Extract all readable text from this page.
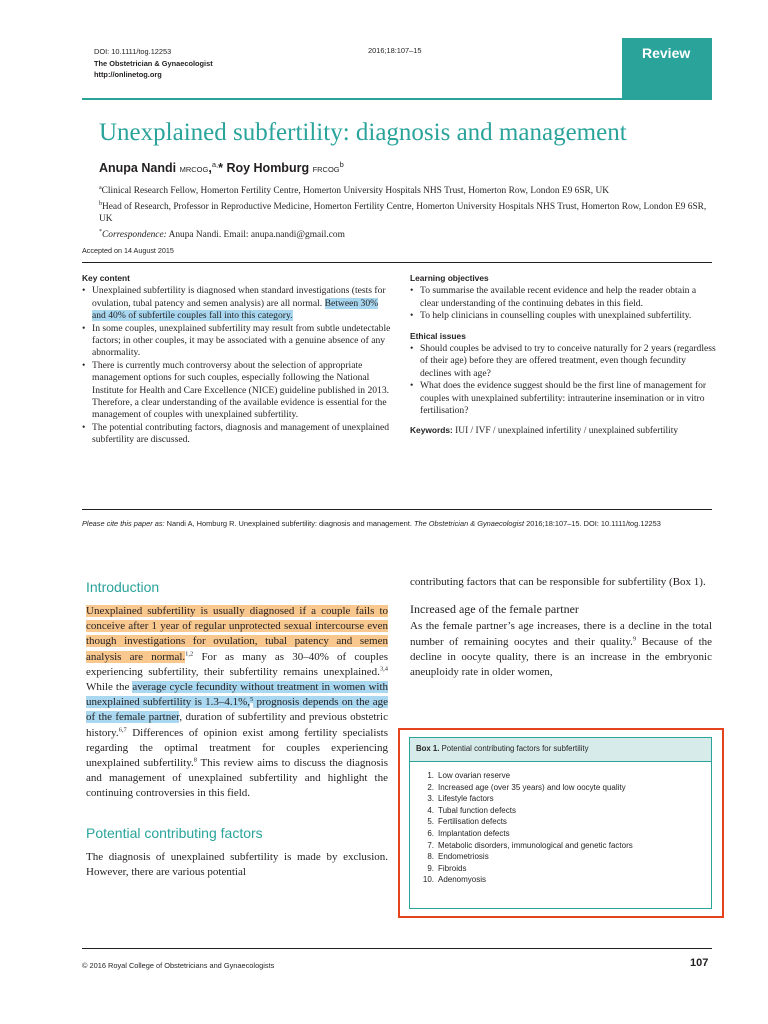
DOI: 10.1111/tog.12253
The Obstetrician & Gynaecologist
http://onlinetog.org
2016;18:107–15	Review
Unexplained subfertility: diagnosis and management
Anupa Nandi MRCOG,$^{a,}$* Roy Homburg FRCOG$^b$
$^a$Clinical Research Fellow, Homerton Fertility Centre, Homerton University Hospitals NHS Trust, Homerton Row, London E9 6SR, UK
$^b$Head of Research, Professor in Reproductive Medicine, Homerton Fertility Centre, Homerton University Hospitals NHS Trust, Homerton Row, London E9 6SR, UK
*Correspondence: Anupa Nandi. Email: anupa.nandi@gmail.com
Accepted on 14 August 2015
Key content
• Unexplained subfertility is diagnosed when standard investigations (tests for ovulation, tubal patency and semen analysis) are all normal. Between 30% and 40% of subfertile couples fall into this category.
• In some couples, unexplained subfertility may result from subtle undetectable factors; in other couples, it may be associated with a genuine absence of any abnormality.
• There is currently much controversy about the selection of appropriate management options for such couples, especially following the National Institute for Health and Care Excellence (NICE) guideline published in 2013. Therefore, a clear understanding of the available evidence is essential for the management of couples with unexplained subfertility.
• The potential contributing factors, diagnosis and management of unexplained subfertility are discussed.
Learning objectives
• To summarise the available recent evidence and help the reader obtain a clear understanding of the continuing debates in this field.
• To help clinicians in counselling couples with unexplained subfertility.
Ethical issues
• Should couples be advised to try to conceive naturally for 2 years (regardless of their age) before they are offered treatment, even though fecundity declines with age?
• What does the evidence suggest should be the first line of management for couples with unexplained subfertility: intrauterine insemination or in vitro fertilisation?
Keywords: IUI / IVF / unexplained infertility / unexplained subfertility
Please cite this paper as: Nandi A, Homburg R. Unexplained subfertility: diagnosis and management. The Obstetrician & Gynaecologist 2016;18:107–15. DOI: 10.1111/tog.12253
Introduction

Unexplained subfertility is usually diagnosed if a couple fails to conceive after 1 year of regular unprotected sexual intercourse even though investigations for ovulation, tubal patency and semen analysis are normal.$^{1,2}$ For as many as 30–40% of couples experiencing subfertility, their subfertility remains unexplained.$^{3,4}$ While the average cycle fecundity without treatment in women with unexplained subfertility is 1.3–4.1%,$^5$ prognosis depends on the age of the female partner, duration of subfertility and previous obstetric history.$^{6,7}$ Differences of opinion exist among fertility specialists regarding the optimal treatment for couples experiencing unexplained subfertility.$^8$ This review aims to discuss the diagnosis and management of unexplained subfertility and highlight the continuing controversies in this field.

Potential contributing factors

The diagnosis of unexplained subfertility is made by exclusion. However, there are various potential

contributing factors that can be responsible for subfertility (Box 1).

Increased age of the female partner

As the female partner’s age increases, there is a decline in the total number of remaining oocytes and their quality.$^9$ Because of the decline in oocyte quality, there is an increase in the embryonic aneuploidy rate in older women,

Box 1. Potential contributing factors for subfertility
1. Low ovarian reserve
2. Increased age (over 35 years) and low oocyte quality
3. Lifestyle factors
4. Tubal function defects
5. Fertilisation defects
6. Implantation defects
7. Metabolic disorders, immunological and genetic factors
8. Endometriosis
9. Fibroids
10. Adenomyosis
© 2016 Royal College of Obstetricians and Gynaecologists	107
